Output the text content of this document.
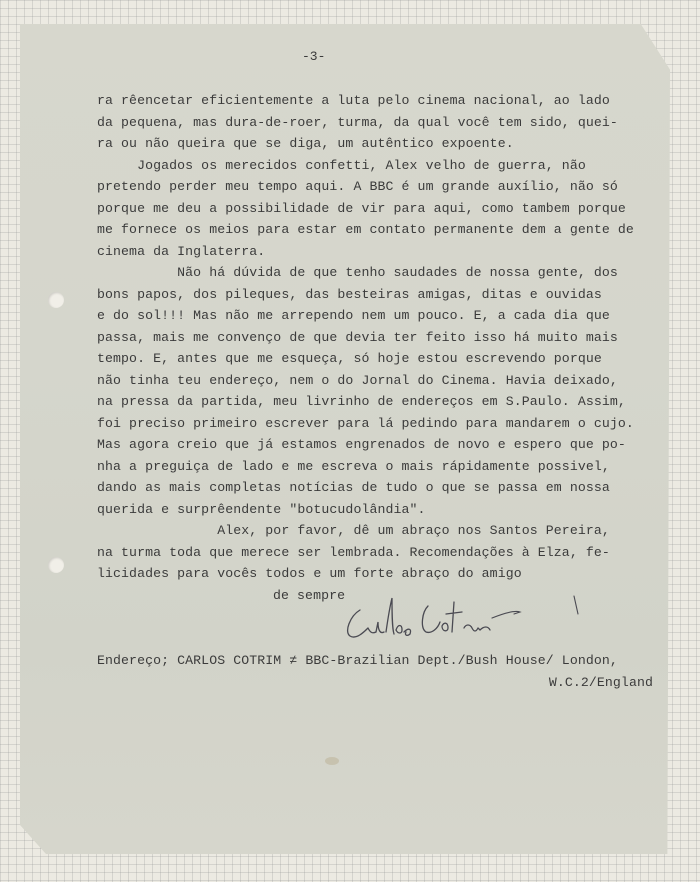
-3-
ra rêencetar eficientemente a luta pelo cinema nacional, ao lado
da pequena, mas dura-de-roer, turma, da qual você tem sido, quei-
ra ou não queira que se diga, um autêntico expoente.
Jogados os merecidos confetti, Alex velho de guerra, não
pretendo perder meu tempo aqui. A BBC é um grande auxílio, não só
porque me deu a possibilidade de vir para aqui, como tambem porque
me fornece os meios para estar em contato permanente dem a gente de
cinema da Inglaterra.
Não há dúvida de que tenho saudades de nossa gente, dos
bons papos, dos pileques, das besteiras amigas, ditas e ouvidas
e do sol!!! Mas não me arrependo nem um pouco. E, a cada dia que
passa, mais me convenço de que devia ter feito isso há muito mais
tempo. E, antes que me esqueça, só hoje estou escrevendo porque
não tinha teu endereço, nem o do Jornal do Cinema. Havia deixado,
na pressa da partida, meu livrinho de endereços em S.Paulo. Assim,
foi preciso primeiro escrever para lá pedindo para mandarem o cujo.
Mas agora creio que já estamos engrenados de novo e espero que po-
nha a preguiça de lado e me escreva o mais rápidamente possivel,
dando as mais completas notícias de tudo o que se passa em nossa
querida e surprêendente "botucudolândia".
Alex, por favor, dê um abraço nos Santos Pereira,
na turma toda que merece ser lembrada. Recomendações à Elza, fe-
licidades para vocês todos e um forte abraço do amigo
de sempre
Endereço; CARLOS COTRIM ≠ BBC-Brazilian Dept./Bush House/ London,
W.C.2/England
